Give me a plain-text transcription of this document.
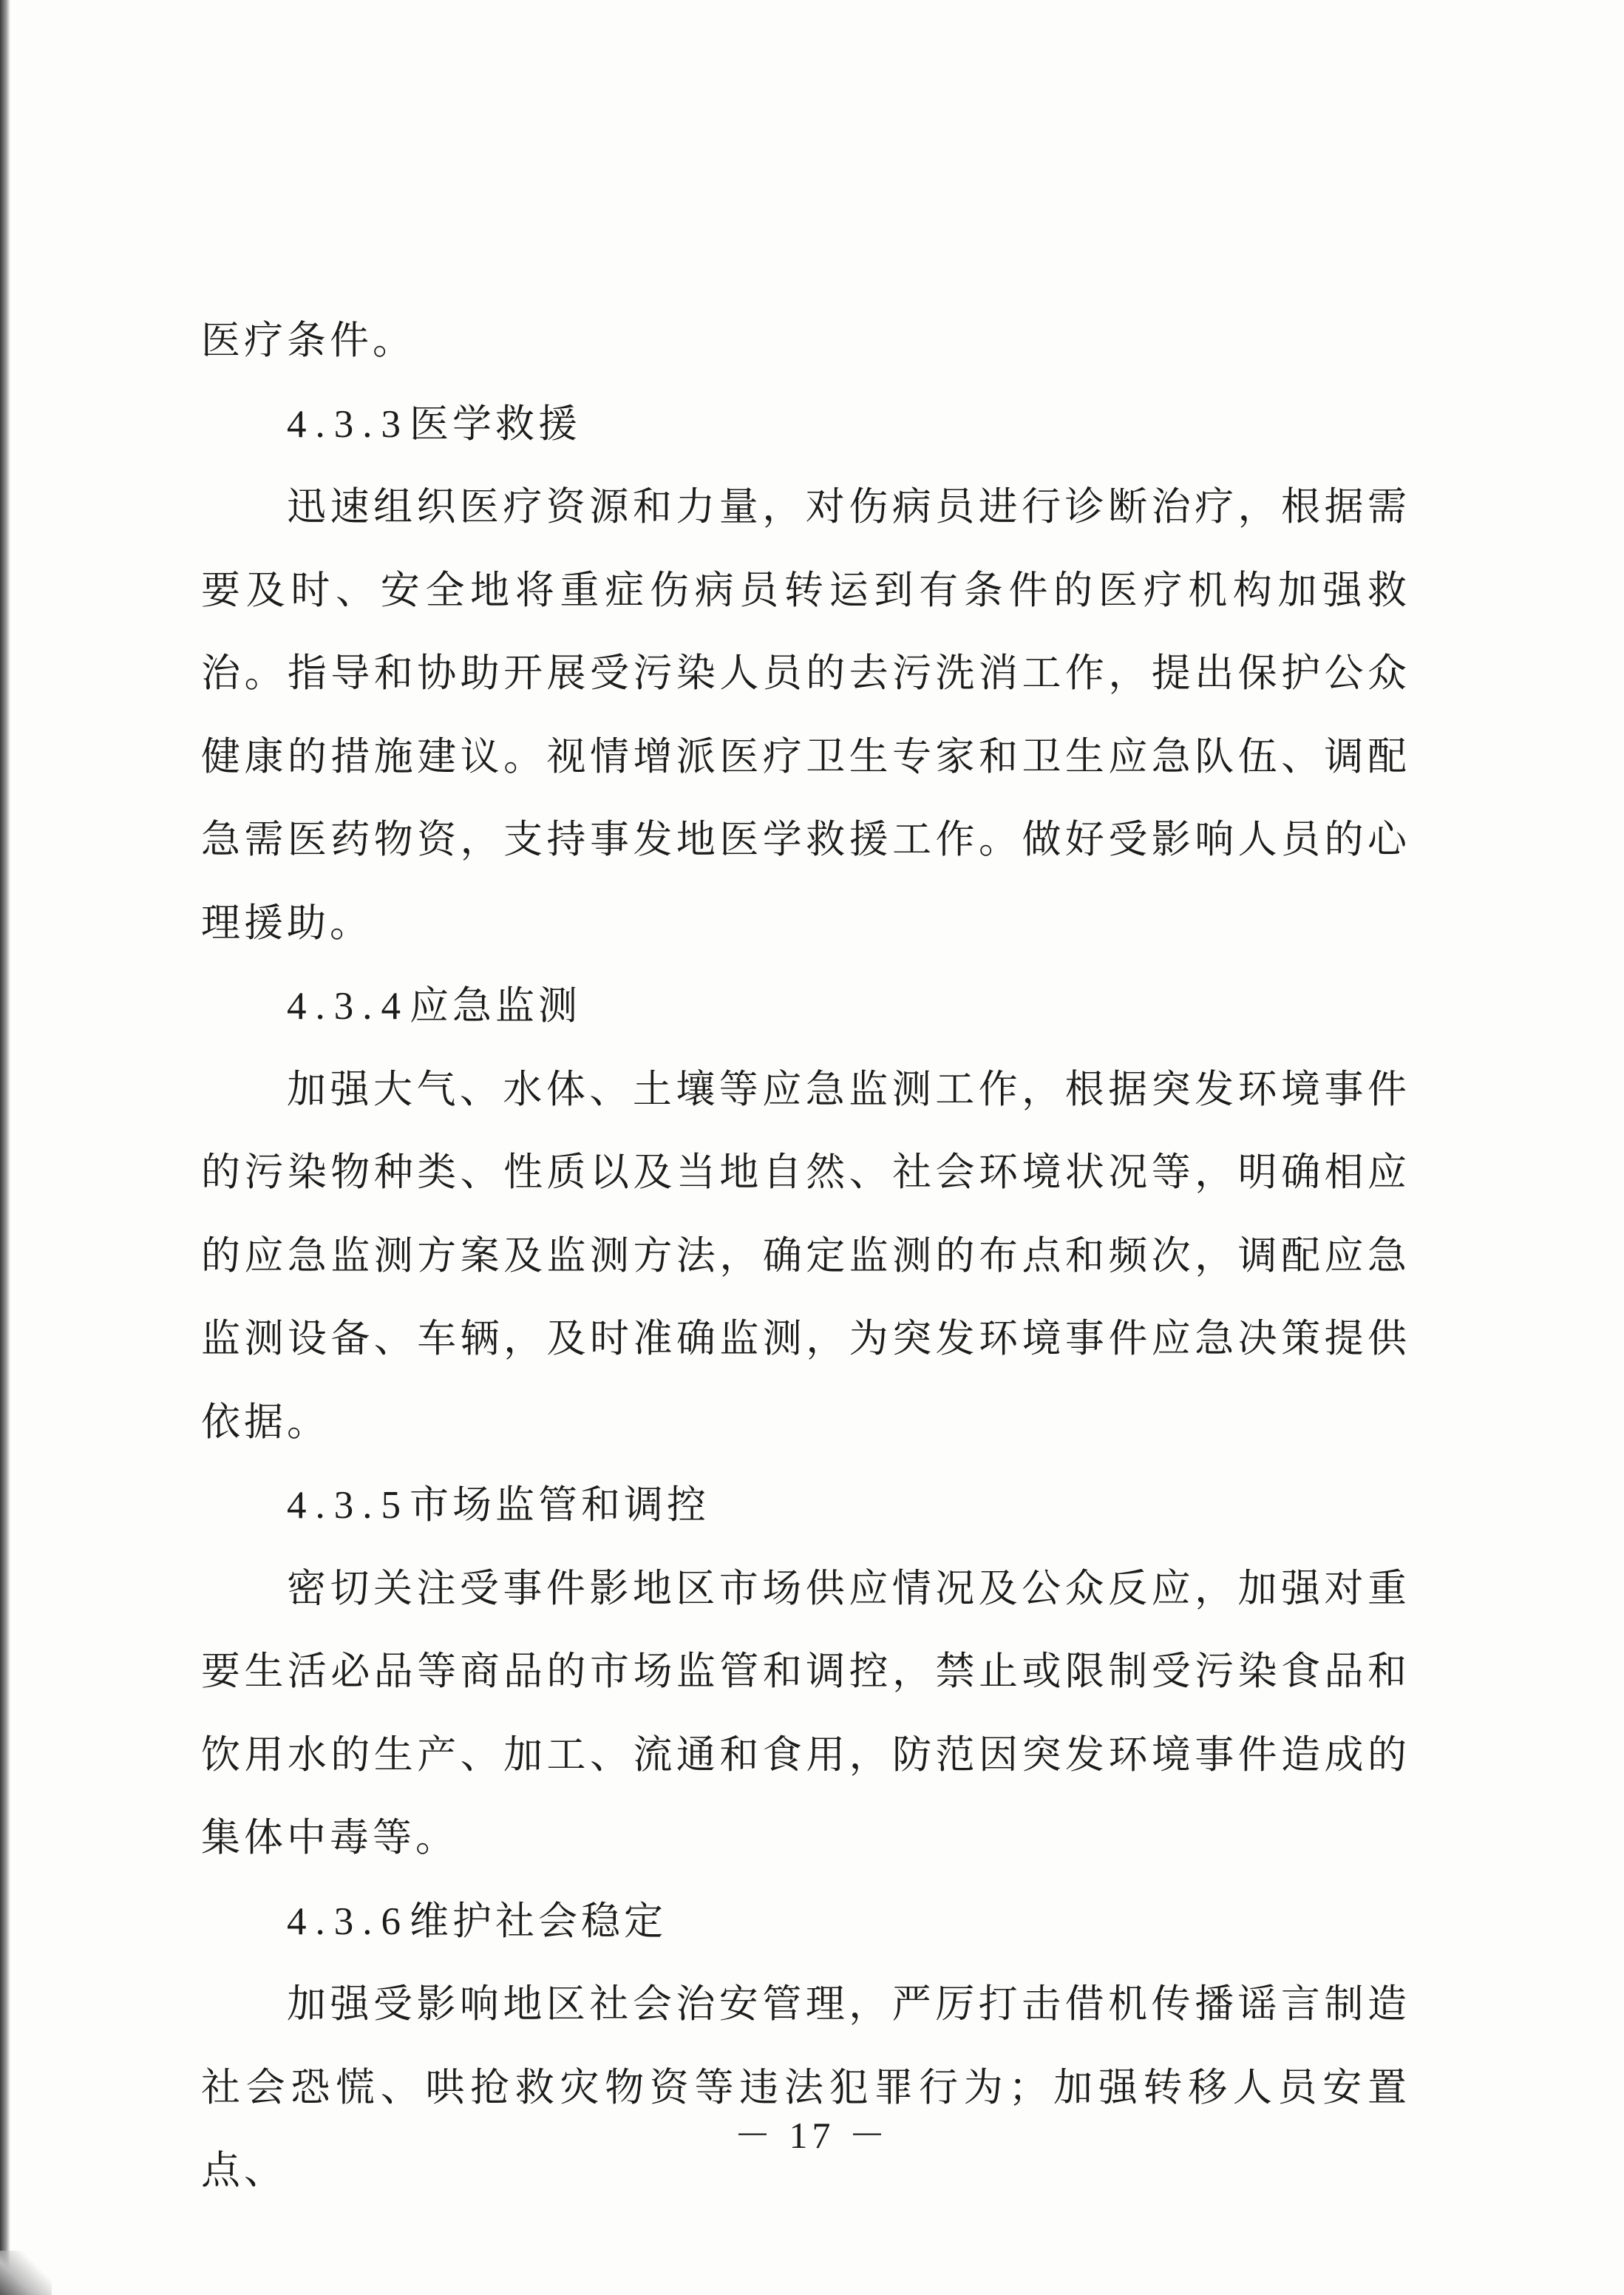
医疗条件。

4.3.3医学救援

迅速组织医疗资源和力量，对伤病员进行诊断治疗，根据需要及时、安全地将重症伤病员转运到有条件的医疗机构加强救治。指导和协助开展受污染人员的去污洗消工作，提出保护公众健康的措施建议。视情增派医疗卫生专家和卫生应急队伍、调配急需医药物资，支持事发地医学救援工作。做好受影响人员的心理援助。

4.3.4应急监测

加强大气、水体、土壤等应急监测工作，根据突发环境事件的污染物种类、性质以及当地自然、社会环境状况等，明确相应的应急监测方案及监测方法，确定监测的布点和频次，调配应急监测设备、车辆，及时准确监测，为突发环境事件应急决策提供依据。

4.3.5市场监管和调控

密切关注受事件影地区市场供应情况及公众反应，加强对重要生活必品等商品的市场监管和调控，禁止或限制受污染食品和饮用水的生产、加工、流通和食用，防范因突发环境事件造成的集体中毒等。

4.3.6维护社会稳定

加强受影响地区社会治安管理，严厉打击借机传播谣言制造社会恐慌、哄抢救灾物资等违法犯罪行为；加强转移人员安置点、

－ 17 －
